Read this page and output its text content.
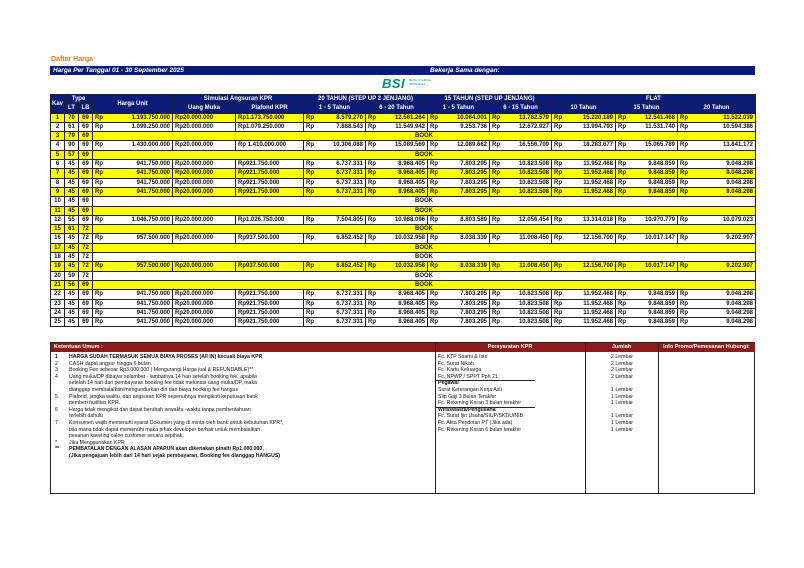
Daftar Harga
Harga Per Tanggal 01 - 30 September 2025	Bekerja Sama dengan:
BSI BANK SYARIAH INDONESIA
Kav	Type		Harga Unit	Simulasi Angsuran KPR		20 TAHUN (STEP UP 2 JENJANG)		15 TAHUN (STEP UP JENJANG)		FLAT		
	LT	LB		Uang Muka	Plafond KPR	1 - 5 Tahun	6 - 20 Tahun	1 - 5 Tahun	6 - 15 Tahun	10 Tahun	15 Tahun	20 Tahun
1	70	69	Rp 1.193.750.000	Rp20.000.000	Rp1.173.750.000	Rp 8.579.270	Rp 12.561.264	Rp 10.064.001	Rp 13.782.579	Rp 15.220.189	Rp 12.541.468	Rp 11.522.039

2	61	69	Rp 1.099.250.000	Rp20.000.000	Rp1.079.250.000	Rp 7.888.543	Rp 11.549.942	Rp 9.253.736	Rp 12.672.927	Rp 13.994.793	Rp 11.531.740	Rp 10.594.386

3	79	69	BOOK									
4	90	69	Rp 1.430.000.000	Rp20.000.000	Rp 1.410.000.000	Rp 10.306.088	Rp 15.089.569	Rp 12.089.662	Rp 16.556.709	Rp 18.283.677	Rp 15.065.789	Rp 13.841.172

5	57	69	BOOK									
6	45	69	Rp 941.750.000	Rp20.000.000	Rp921.750.000	Rp 6.737.331	Rp 8.968.405	Rp 7.803.295	Rp 10.823.508	Rp 11.952.468	Rp 9.848.859	Rp 9.048.298

7	45	69	Rp 941.750.000	Rp20.000.000	Rp921.750.000	Rp 6.737.331	Rp 8.968.405	Rp 7.803.295	Rp 10.823.508	Rp 11.952.468	Rp 9.848.859	Rp 9.048.298

8	45	69	Rp 941.750.000	Rp20.000.000	Rp921.750.000	Rp 6.737.331	Rp 8.968.405	Rp 7.803.295	Rp 10.823.508	Rp 11.952.468	Rp 9.848.859	Rp 9.048.298

9	45	69	Rp 941.750.000	Rp20.000.000	Rp921.750.000	Rp 6.737.331	Rp 8.968.405	Rp 7.803.295	Rp 10.823.508	Rp 11.952.468	Rp 9.848.859	Rp 9.048.298

10	45	69	BOOK									
11	45	69	BOOK									
12	55	69	Rp 1.046.750.000	Rp20.000.000	Rp1.026.750.000	Rp 7.504.805	Rp 10.988.096	Rp 8.803.589	Rp 12.056.454	Rp 13.314.018	Rp 10.970.779	Rp 10.079.023

15	61	72	BOOK									
16	45	72	Rp 957.500.000	Rp20.000.000	Rp937.500.000	Rp 6.852.452	Rp 10.032.958	Rp 8.038.339	Rp 11.008.450	Rp 12.156.700	Rp 10.017.147	Rp 9.202.907

17	45	72	BOOK									
18	45	72	BOOK									
19	45	72	Rp 957.500.000	Rp20.000.000	Rp937.500.000	Rp 6.852.452	Rp 10.032.958	Rp 8.038.339	Rp 11.008.450	Rp 12.156.700	Rp 10.017.147	Rp 9.202.907

20	59	72	BOOK									
21	56	69	BOOK									
22	45	69	Rp 941.750.000	Rp20.000.000	Rp921.750.000	Rp 6.737.331	Rp 8.968.405	Rp 7.803.295	Rp 10.823.508	Rp 11.952.468	Rp 9.848.859	Rp 9.048.298

23	45	69	Rp 941.750.000	Rp20.000.000	Rp921.750.000	Rp 6.737.331	Rp 8.968.405	Rp 7.803.295	Rp 10.823.508	Rp 11.952.468	Rp 9.848.859	Rp 9.048.298

24	45	69	Rp 941.750.000	Rp20.000.000	Rp921.750.000	Rp 6.737.331	Rp 8.968.405	Rp 7.803.295	Rp 10.823.508	Rp 11.952.468	Rp 9.848.859	Rp 9.048.298

25	45	69	Rp 941.750.000	Rp20.000.000	Rp921.750.000	Rp 6.737.331	Rp 8.968.405	Rp 7.803.295	Rp 10.823.508	Rp 11.952.468	Rp 9.848.859	Rp 9.048.298
Ketentuan Umum :	Persyaratan KPR	Jumlah	Info Promo/Pemesanan Hubungi:
1 HARGA SUDAH TERMASUK SEMUA BIAYA PROSES (All IN) kecuali biaya KPR
2 CASH dapat angsur hingga 6 bulan.
3 Booking Fee sebesar Rp3.000.000 ( Mengurangi Harga jual & REFUNDABLE)**
4 Uang muka/DP dibayar selambat - lambatnya 14 hari setelah booking fee, apabila
setelah 14 hari dari pembayaran booking fee tidak melunasi uang muka/DP, maka
dianggap membatalkan/mengundurkan diri dan biaya booking fee hangus
5 Plafond, jangka waktu, dan angsuran KPR sepenuhnya mengikuti keputusan bank
pemberi fasilitas KPR.
6 Harga tidak mengikat dan dapat berubah sewaktu -waktu tanpa pemberitahuan
terlebih dahulu
7 Konsumen wajib memenuhi syarat Dokumen yang di minta oleh bank untuk kebutuhan KPR*,
bila mana tidak dapat memenuhi maka pihak developer berhak untuk membatalkan
pesanan kaveling calon customer secara sepihak.
* Jika Menggunakan KPR
** PEMBATALAN DENGAN ALASAN APAPUN akan dikenakan pinalti Rp1.000.000,
(Jika pengajuan lebih dari 14 hari sejak pembayaran, Booking fee dianggap HANGUS)
Fc. KTP Suami & Istri	2 Lembar
Fc. Surat Nikah	2 Lembar
Fc. Kartu Keluarga	2 Lembar
Fc. NPWP / SPPT Pph 21	2 Lembar
Pegawai
Surat Keterangan Kerja Asli	1 Lembar
Slip Gaji 3 Bulan Terakhir	1 Lembar
Fc. Rekening Koran 3 bulan terakhir	1 Lembar
Wiraswasta/Pengusaha
Fc. Surat Ijin Usaha/SIUP/SKDU/NIB	1 Lembar
Fc. Akta Pendirian PT (Jika ada)	1 Lembar
Fc. Rekening Koran 6 bulan terakhir	1 Lembar
